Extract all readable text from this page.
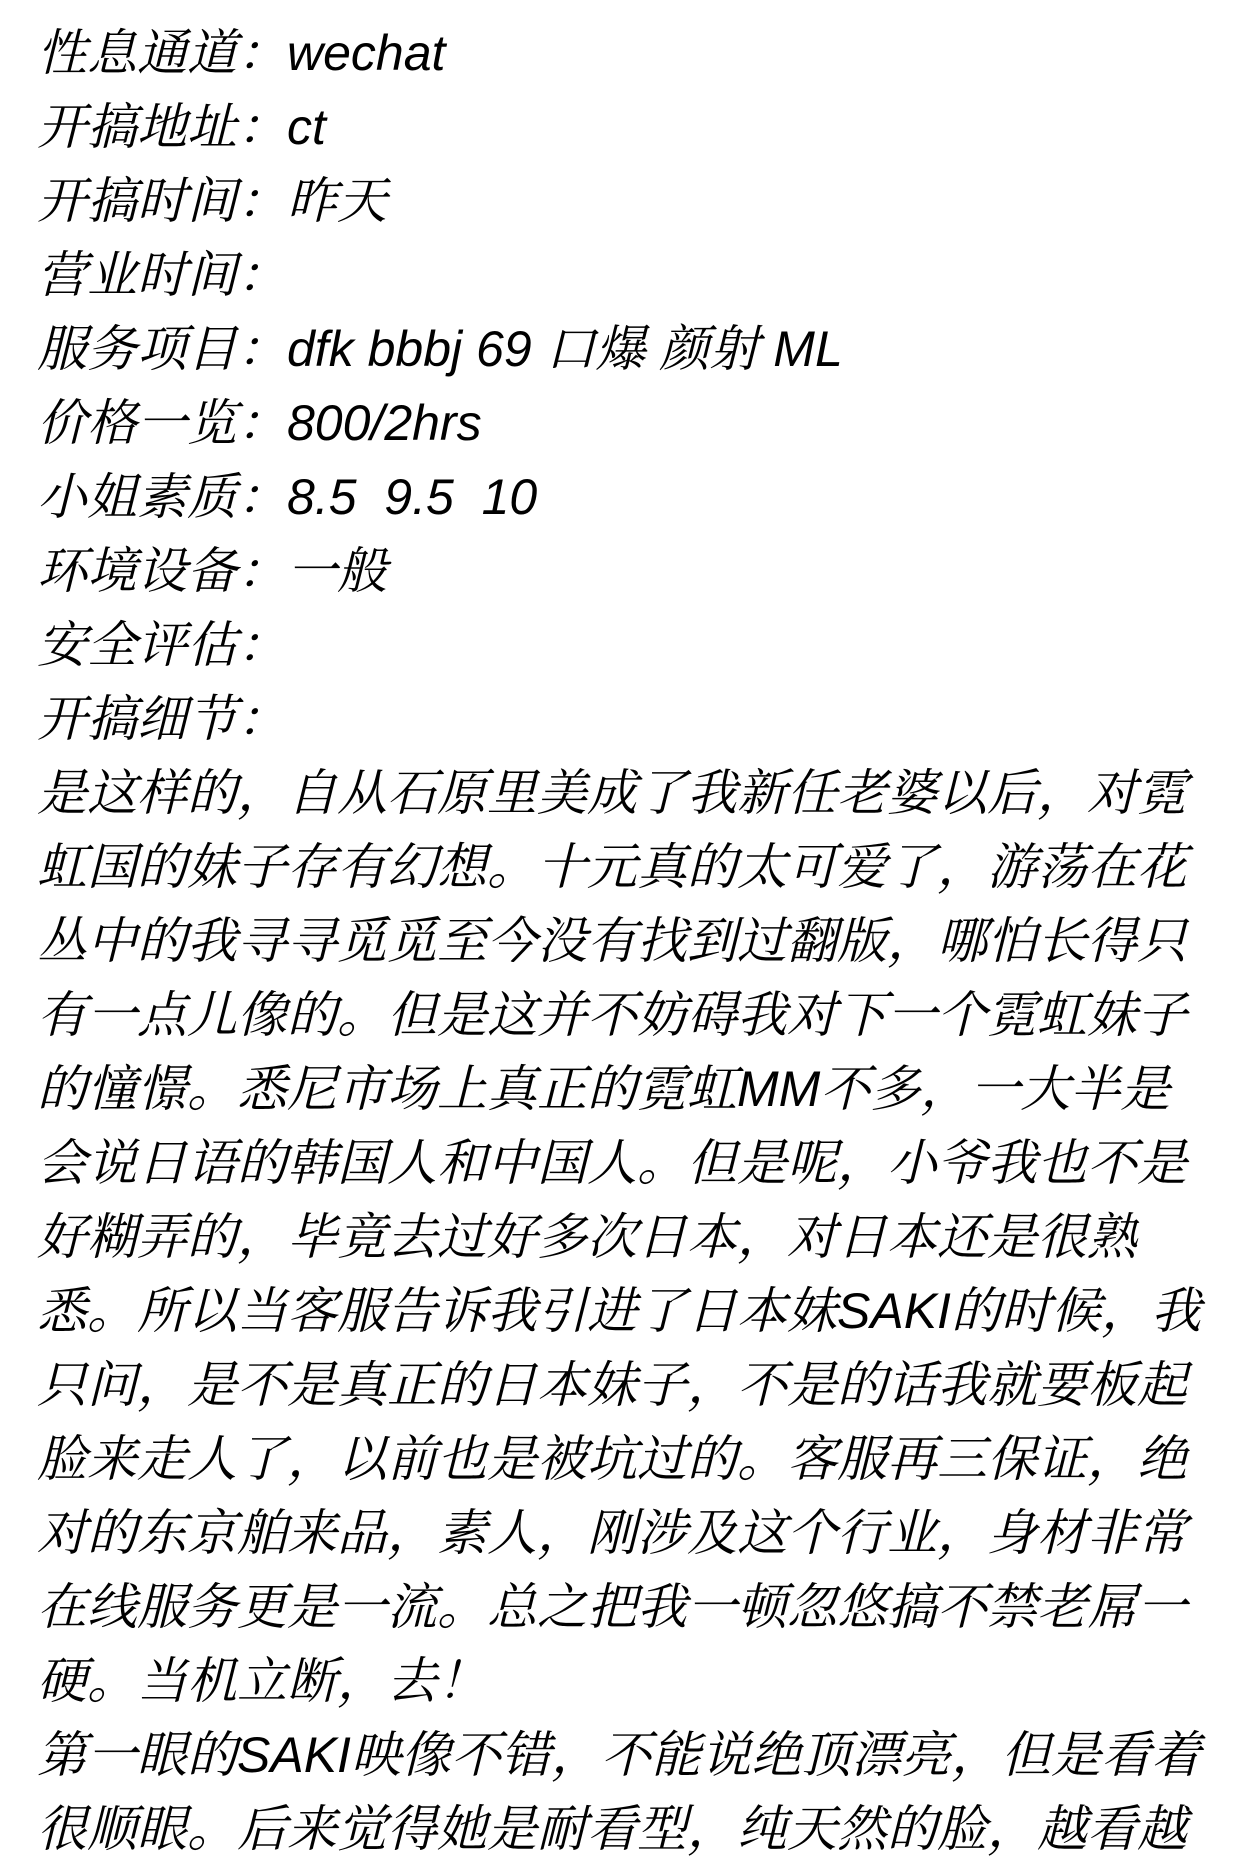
性息通道：wechat
开搞地址：ct
开搞时间：昨天
营业时间：
服务项目：dfk bbbj 69 口爆 颜射 ML
价格一览：800/2hrs
小姐素质：8.5  9.5  10
环境设备：一般
安全评估：
开搞细节：
是这样的，自从石原里美成了我新任老婆以后，对霓虹国的妹子存有幻想。十元真的太可爱了，游荡在花丛中的我寻寻觅觅至今没有找到过翻版，哪怕长得只有一点儿像的。但是这并不妨碍我对下一个霓虹妹子的憧憬。悉尼市场上真正的霓虹MM不多，一大半是会说日语的韩国人和中国人。但是呢，小爷我也不是好糊弄的，毕竟去过好多次日本，对日本还是很熟悉。所以当客服告诉我引进了日本妹SAKI的时候，我只问，是不是真正的日本妹子，不是的话我就要板起脸来走人了，以前也是被坑过的。客服再三保证，绝对的东京舶来品，素人，刚涉及这个行业，身材非常在线服务更是一流。总之把我一顿忽悠搞不禁老屌一硬。当机立断，去！
第一眼的SAKI映像不错，不能说绝顶漂亮，但是看着很顺眼。后来觉得她是耐看型，纯天然的脸，越看越
